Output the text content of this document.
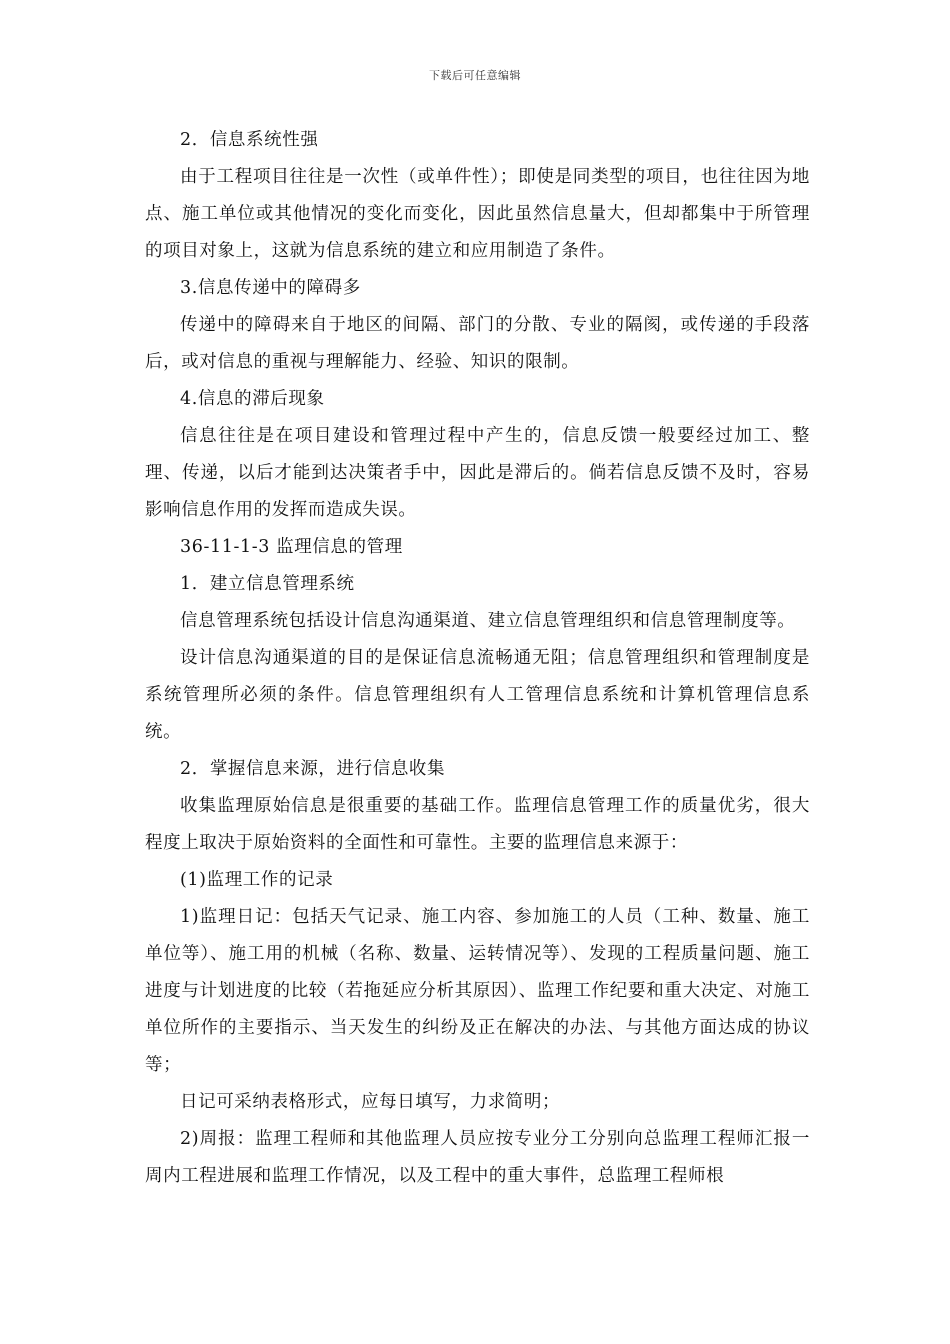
下载后可任意编辑

2．信息系统性强

由于工程项目往往是一次性（或单件性）；即使是同类型的项目，也往往因为地点、施工单位或其他情况的变化而变化，因此虽然信息量大，但却都集中于所管理的项目对象上，这就为信息系统的建立和应用制造了条件。

3.信息传递中的障碍多

传递中的障碍来自于地区的间隔、部门的分散、专业的隔阂，或传递的手段落后，或对信息的重视与理解能力、经验、知识的限制。

4.信息的滞后现象

信息往往是在项目建设和管理过程中产生的，信息反馈一般要经过加工、整理、传递，以后才能到达决策者手中，因此是滞后的。倘若信息反馈不及时，容易影响信息作用的发挥而造成失误。

36-11-1-3 监理信息的管理

1．建立信息管理系统

信息管理系统包括设计信息沟通渠道、建立信息管理组织和信息管理制度等。

设计信息沟通渠道的目的是保证信息流畅通无阻；信息管理组织和管理制度是系统管理所必须的条件。信息管理组织有人工管理信息系统和计算机管理信息系统。

2．掌握信息来源，进行信息收集

收集监理原始信息是很重要的基础工作。监理信息管理工作的质量优劣，很大程度上取决于原始资料的全面性和可靠性。主要的监理信息来源于：

(1)监理工作的记录

1)监理日记：包括天气记录、施工内容、参加施工的人员（工种、数量、施工单位等）、施工用的机械（名称、数量、运转情况等）、发现的工程质量问题、施工进度与计划进度的比较（若拖延应分析其原因）、监理工作纪要和重大决定、对施工单位所作的主要指示、当天发生的纠纷及正在解决的办法、与其他方面达成的协议等；

日记可采纳表格形式，应每日填写，力求简明；

2)周报：监理工程师和其他监理人员应按专业分工分别向总监理工程师汇报一周内工程进展和监理工作情况，以及工程中的重大事件，总监理工程师根
